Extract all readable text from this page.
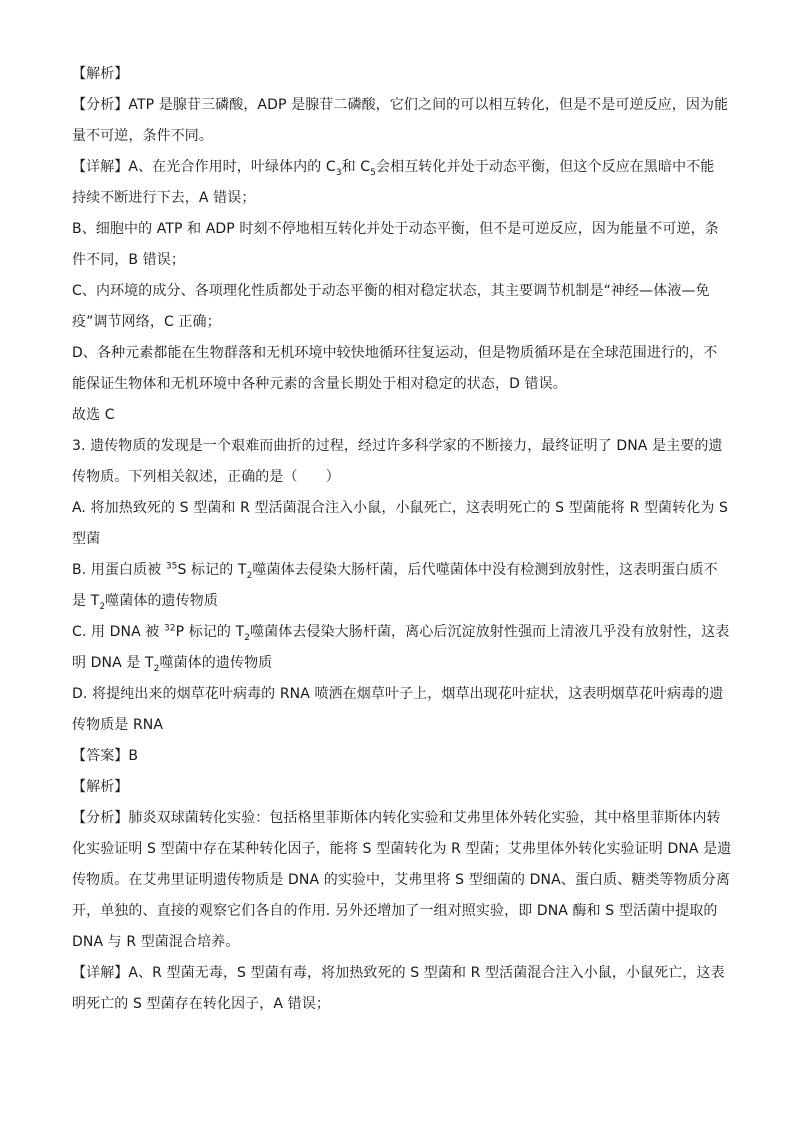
【解析】

【分析】ATP 是腺苷三磷酸，ADP 是腺苷二磷酸，它们之间的可以相互转化，但是不是可逆反应，因为能

量不可逆，条件不同。

【详解】A、在光合作用时，叶绿体内的 $C_3$和 $C_5$会相互转化并处于动态平衡，但这个反应在黑暗中不能

持续不断进行下去，A 错误；

B、细胞中的 ATP 和 ADP 时刻不停地相互转化并处于动态平衡，但不是可逆反应，因为能量不可逆，条

件不同，B 错误；

C、内环境的成分、各项理化性质都处于动态平衡的相对稳定状态，其主要调节机制是“神经—体液—免

疫”调节网络，C 正确；

D、各种元素都能在生物群落和无机环境中较快地循环往复运动，但是物质循环是在全球范围进行的，不

能保证生物体和无机环境中各种元素的含量长期处于相对稳定的状态，D 错误。

故选 C

3. 遗传物质的发现是一个艰难而曲折的过程，经过许多科学家的不断接力，最终证明了 DNA 是主要的遗

传物质。下列相关叙述，正确的是（　　）

A. 将加热致死的 S 型菌和 R 型活菌混合注入小鼠，小鼠死亡，这表明死亡的 S 型菌能将 R 型菌转化为 S

型菌

B. 用蛋白质被 $^{35}$S 标记的 $T_2$噬菌体去侵染大肠杆菌，后代噬菌体中没有检测到放射性，这表明蛋白质不

是 $T_2$噬菌体的遗传物质

C. 用 DNA 被 $^{32}$P 标记的 $T_2$噬菌体去侵染大肠杆菌，离心后沉淀放射性强而上清液几乎没有放射性，这表

明 DNA 是 $T_2$噬菌体的遗传物质

D. 将提纯出来的烟草花叶病毒的 RNA 喷洒在烟草叶子上，烟草出现花叶症状，这表明烟草花叶病毒的遗

传物质是 RNA

【答案】B

【解析】

【分析】肺炎双球菌转化实验：包括格里菲斯体内转化实验和艾弗里体外转化实验，其中格里菲斯体内转

化实验证明 S 型菌中存在某种转化因子，能将 S 型菌转化为 R 型菌；艾弗里体外转化实验证明 DNA 是遗

传物质。在艾弗里证明遗传物质是 DNA 的实验中，艾弗里将 S 型细菌的 DNA、蛋白质、糖类等物质分离

开，单独的、直接的观察它们各自的作用. 另外还增加了一组对照实验，即 DNA 酶和 S 型活菌中提取的

DNA 与 R 型菌混合培养。

【详解】A、R 型菌无毒，S 型菌有毒，将加热致死的 S 型菌和 R 型活菌混合注入小鼠，小鼠死亡，这表

明死亡的 S 型菌存在转化因子，A 错误；
